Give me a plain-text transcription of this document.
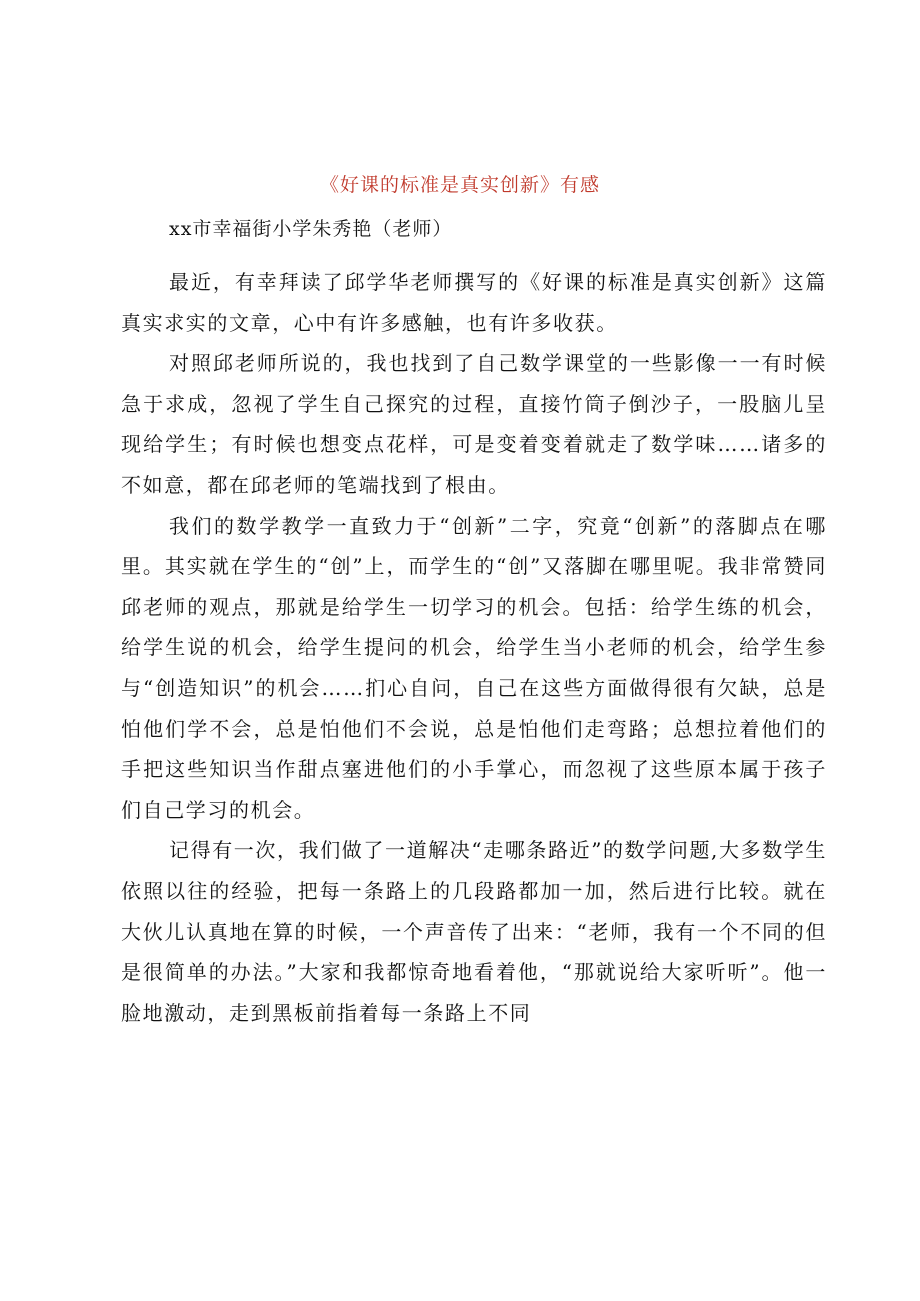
《好课的标准是真实创新》有感
xx市幸福街小学朱秀艳（老师）

最近，有幸拜读了邱学华老师撰写的《好课的标准是真实创新》这篇真实求实的文章，心中有许多感触，也有许多收获。

对照邱老师所说的，我也找到了自己数学课堂的一些影像一一有时候急于求成，忽视了学生自己探究的过程，直接竹筒子倒沙子，一股脑儿呈现给学生；有时候也想变点花样，可是变着变着就走了数学味……诸多的不如意，都在邱老师的笔端找到了根由。

我们的数学教学一直致力于“创新”二字，究竟“创新”的落脚点在哪里。其实就在学生的“创”上，而学生的“创”又落脚在哪里呢。我非常赞同邱老师的观点，那就是给学生一切学习的机会。包括：给学生练的机会，给学生说的机会，给学生提问的机会，给学生当小老师的机会，给学生参与“创造知识”的机会……扪心自问，自己在这些方面做得很有欠缺，总是怕他们学不会，总是怕他们不会说，总是怕他们走弯路；总想拉着他们的手把这些知识当作甜点塞进他们的小手掌心，而忽视了这些原本属于孩子们自己学习的机会。

记得有一次，我们做了一道解决“走哪条路近”的数学问题,大多数学生依照以往的经验，把每一条路上的几段路都加一加，然后进行比较。就在大伙儿认真地在算的时候，一个声音传了出来：“老师，我有一个不同的但是很简单的办法。”大家和我都惊奇地看着他，“那就说给大家听听”。他一脸地激动，走到黑板前指着每一条路上不同
